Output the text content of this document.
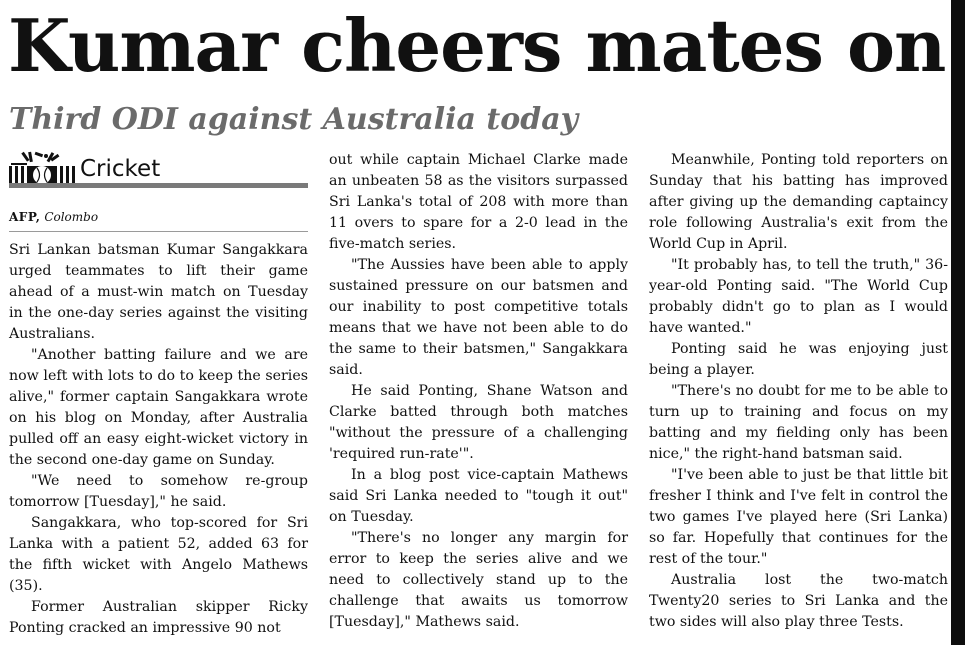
Kumar cheers mates on
Third ODI against Australia today
Cricket
AFP, Colombo

Sri Lankan batsman Kumar Sangakkara urged teammates to lift their game ahead of a must-win match on Tuesday in the one-day series against the visiting Australians.

"Another batting failure and we are now left with lots to do to keep the series alive," former captain Sangakkara wrote on his blog on Monday, after Australia pulled off an easy eight-wicket victory in the second one-day game on Sunday.

"We need to somehow re-group tomorrow [Tuesday]," he said.

Sangakkara, who top-scored for Sri Lanka with a patient 52, added 63 for the fifth wicket with Angelo Mathews (35).

Former Australian skipper Ricky Ponting cracked an impressive 90 not

out while captain Michael Clarke made an unbeaten 58 as the visitors surpassed Sri Lanka's total of 208 with more than 11 overs to spare for a 2-0 lead in the five-match series.

"The Aussies have been able to apply sustained pressure on our batsmen and our inability to post competitive totals means that we have not been able to do the same to their batsmen," Sangakkara said.

He said Ponting, Shane Watson and Clarke batted through both matches "without the pressure of a challenging 'required run-rate'".

In a blog post vice-captain Mathews said Sri Lanka needed to "tough it out" on Tuesday.

"There's no longer any margin for error to keep the series alive and we need to collectively stand up to the challenge that awaits us tomorrow [Tuesday]," Mathews said.

Meanwhile, Ponting told reporters on Sunday that his batting has improved after giving up the demanding captaincy role following Australia's exit from the World Cup in April.

"It probably has, to tell the truth," 36-year-old Ponting said. "The World Cup probably didn't go to plan as I would have wanted."

Ponting said he was enjoying just being a player.

"There's no doubt for me to be able to turn up to training and focus on my batting and my fielding only has been nice," the right-hand batsman said.

"I've been able to just be that little bit fresher I think and I've felt in control the two games I've played here (Sri Lanka) so far. Hopefully that continues for the rest of the tour."

Australia lost the two-match Twenty20 series to Sri Lanka and the two sides will also play three Tests.
